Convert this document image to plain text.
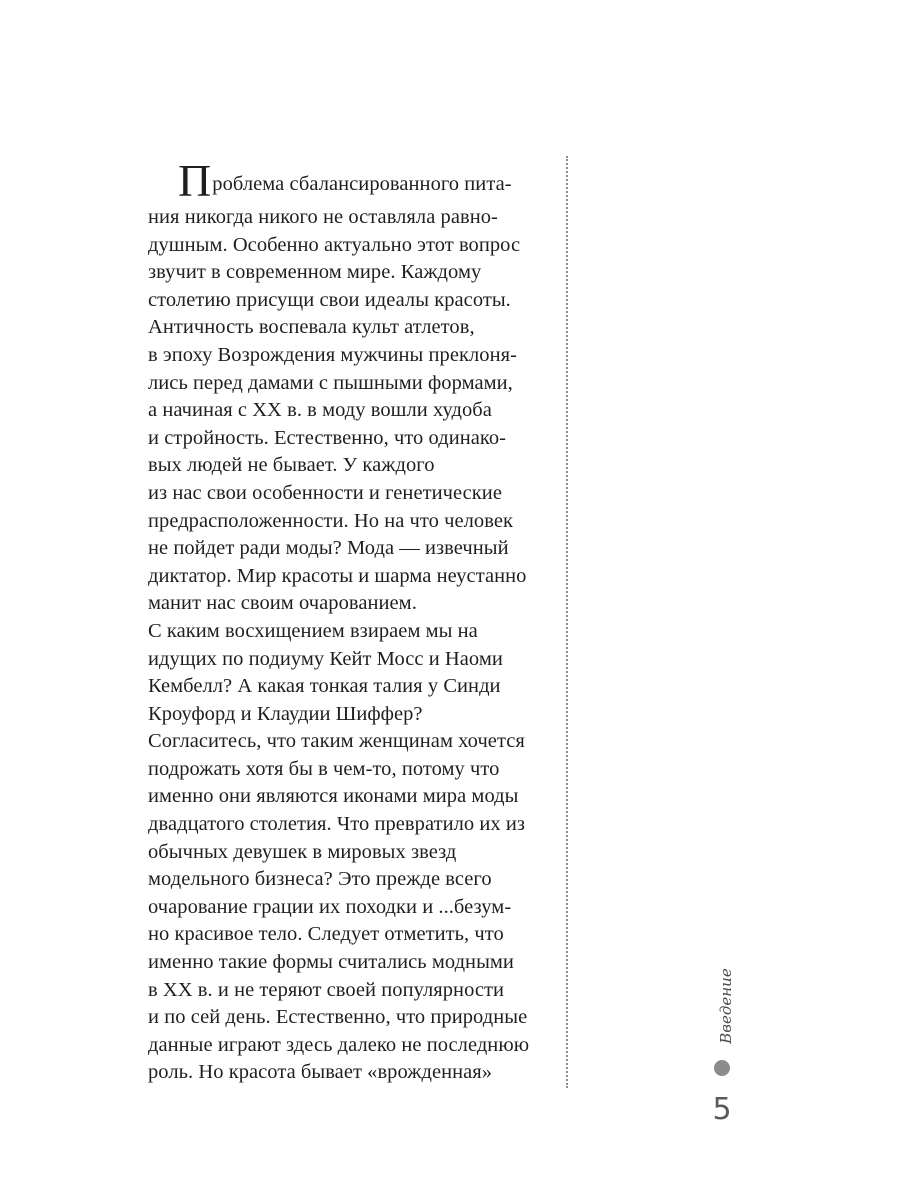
Проблема сбалансированного пита-
ния никогда никого не оставляла равно-
душным. Особенно актуально этот вопрос
звучит в современном мире. Каждому
столетию присущи свои идеалы красоты.
Античность воспевала культ атлетов,
в эпоху Возрождения мужчины преклоня-
лись перед дамами с пышными формами,
а начиная с XX в. в моду вошли худоба
и стройность. Естественно, что одинако-
вых людей не бывает. У каждого
из нас свои особенности и генетические
предрасположенности. Но на что человек
не пойдет ради моды? Мода — извечный
диктатор. Мир красоты и шарма неустанно
манит нас своим очарованием.
С каким восхищением взираем мы на
идущих по подиуму Кейт Мосс и Наоми
Кембелл? А какая тонкая талия у Синди
Кроуфорд и Клаудии Шиффер?
Согласитесь, что таким женщинам хочется
подрожать хотя бы в чем-то, потому что
именно они являются иконами мира моды
двадцатого столетия. Что превратило их из
обычных девушек в мировых звезд
модельного бизнеса? Это прежде всего
очарование грации их походки и ...безум-
но красивое тело. Следует отметить, что
именно такие формы считались модными
в XX в. и не теряют своей популярности
и по сей день. Естественно, что природные
данные играют здесь далеко не последнюю
роль. Но красота бывает «врожденная»
Введение
5
